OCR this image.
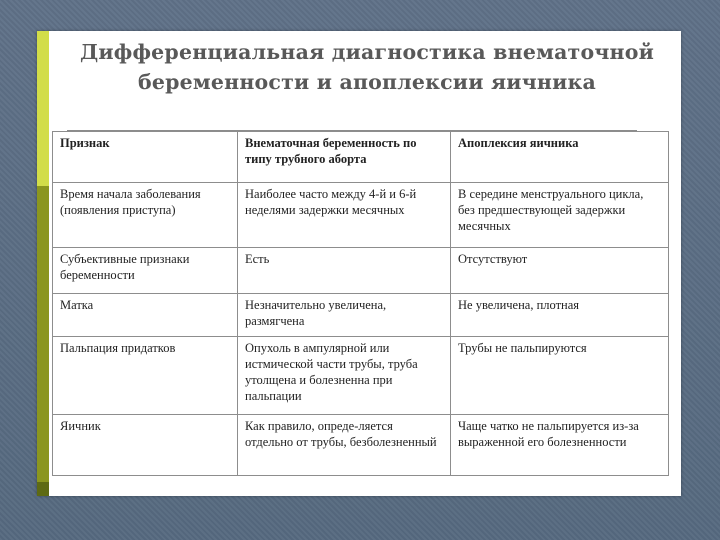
Дифференциальная диагностика внематочной беременности и апоплексии яичника
Признак	Внематочная беременность по типу трубного аборта	Апоплексия яичника
Время начала заболевания (появления приступа)	Наиболее часто между 4-й и 6-й неделями задержки месячных	В середине менструального цикла, без предшествующей задержки месячных
Субъективные признаки беременности	Есть	Отсутствуют
Матка	Незначительно увеличена, размягчена	Не увеличена, плотная
Пальпация придатков	Опухоль в ампулярной или истмической части трубы, труба утолщена и болезненна при пальпации	Трубы не пальпируются
Яичник	Как правило, опреде-ляется отдельно от трубы, безболезненный	Чаще чатко не пальпируется из-за выраженной его болезненности
